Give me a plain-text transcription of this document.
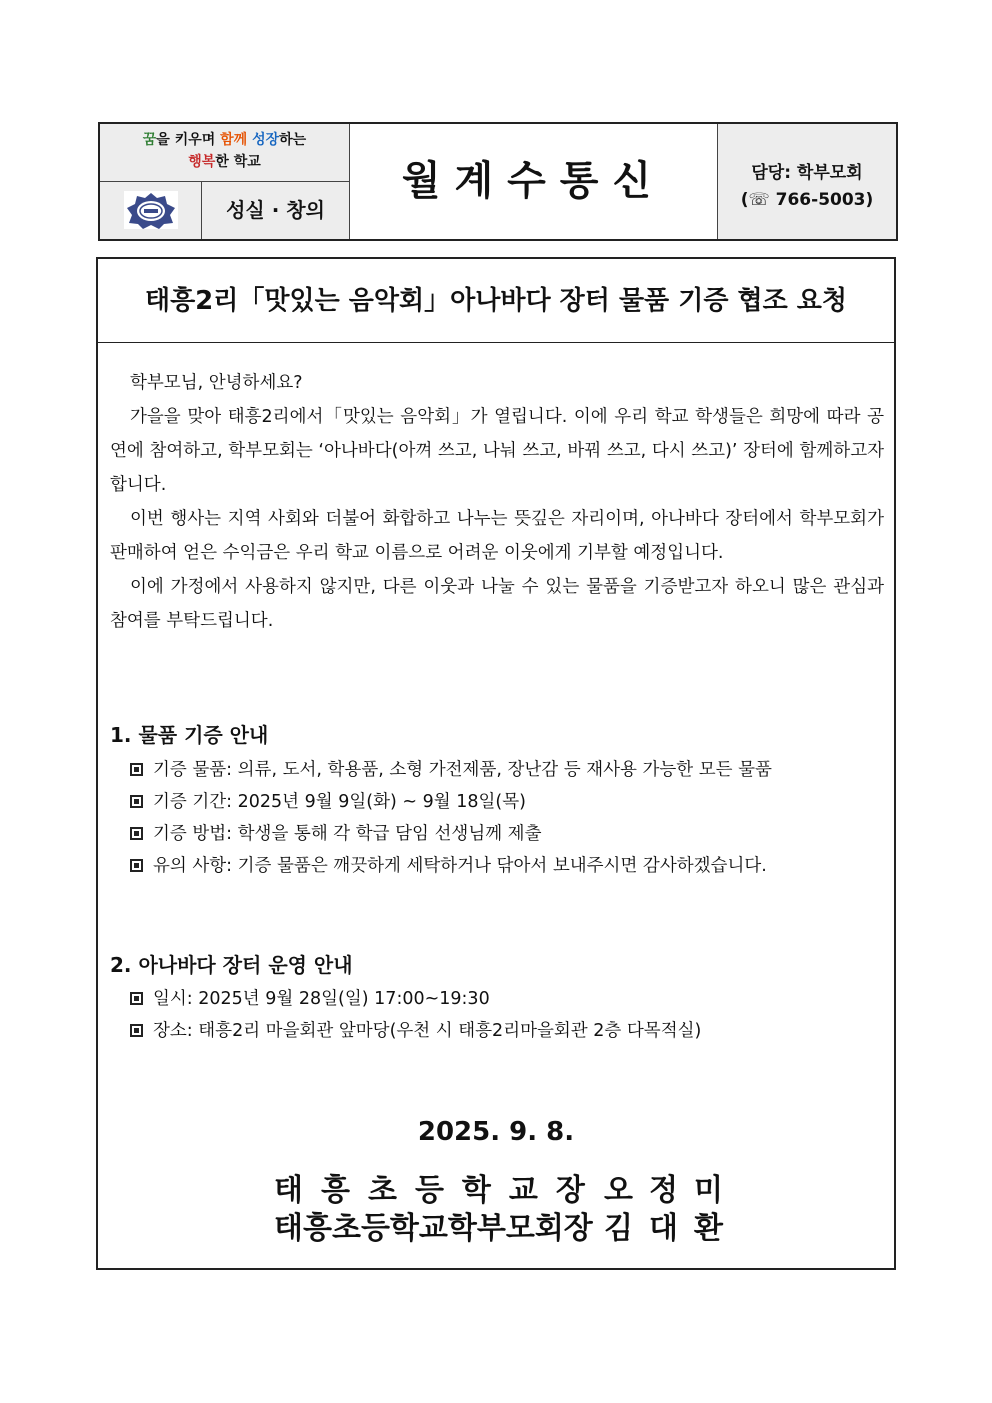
꿈을 키우며 함께 성장하는
행복한 학교
성실 · 창의
월계수통신	담당: 학부모회
(☏ 766-5003)
태흥2리「맛있는 음악회」아나바다 장터 물품 기증 협조 요청

학부모님, 안녕하세요?

가을을 맞아 태흥2리에서「맛있는 음악회」가 열립니다. 이에 우리 학교 학생들은 희망에 따라 공연에 참여하고, 학부모회는 ‘아나바다(아껴 쓰고, 나눠 쓰고, 바꿔 쓰고, 다시 쓰고)’ 장터에 함께하고자 합니다.

이번 행사는 지역 사회와 더불어 화합하고 나누는 뜻깊은 자리이며, 아나바다 장터에서 학부모회가 판매하여 얻은 수익금은 우리 학교 이름으로 어려운 이웃에게 기부할 예정입니다.

이에 가정에서 사용하지 않지만, 다른 이웃과 나눌 수 있는 물품을 기증받고자 하오니 많은 관심과 참여를 부탁드립니다.

1. 물품 기증 안내
기증 물품: 의류, 도서, 학용품, 소형 가전제품, 장난감 등 재사용 가능한 모든 물품
기증 기간: 2025년 9월 9일(화) ~ 9월 18일(목)
기증 방법: 학생을 통해 각 학급 담임 선생님께 제출
유의 사항: 기증 물품은 깨끗하게 세탁하거나 닦아서 보내주시면 감사하겠습니다.
2. 아나바다 장터 운영 안내
일시: 2025년 9월 28일(일) 17:00~19:30
장소: 태흥2리 마을회관 앞마당(우천 시 태흥2리마을회관 2층 다목적실)
2025. 9. 8.
태흥초등학교장오정미
태흥초등학교학부모회장 김대환
